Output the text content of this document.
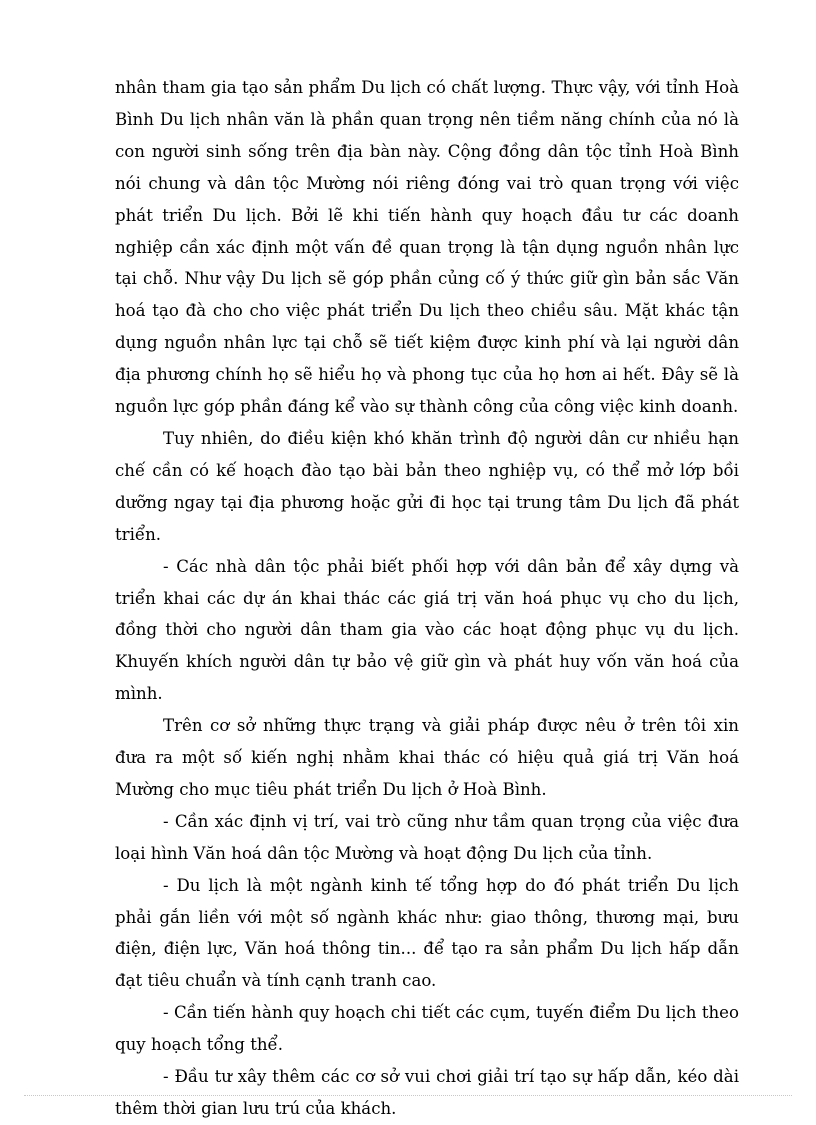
nhân tham gia tạo sản phẩm Du lịch có chất lượng. Thực vậy, với tỉnh Hoà Bình Du lịch nhân văn là phần quan trọng nên tiềm năng chính của nó là con người sinh sống trên địa bàn này. Cộng đồng dân tộc tỉnh Hoà Bình nói chung và dân tộc Mường nói riêng đóng vai trò quan trọng với việc phát triển Du lịch. Bởi lẽ khi tiến hành quy hoạch đầu tư các doanh nghiệp cần xác định một vấn đề quan trọng là tận dụng nguồn nhân lực tại chỗ. Như vậy Du lịch sẽ góp phần củng cố ý thức giữ gìn bản sắc Văn hoá tạo đà cho cho việc phát triển Du lịch theo chiều sâu. Mặt khác tận dụng nguồn nhân lực tại chỗ sẽ tiết kiệm được kinh phí và lại người dân địa phương chính họ sẽ hiểu họ và phong tục của họ hơn ai hết. Đây sẽ là nguồn lực góp phần đáng kể vào sự thành công của công việc kinh doanh.

Tuy nhiên, do điều kiện khó khăn trình độ người dân cư nhiều hạn chế cần có kế hoạch đào tạo bài bản theo nghiệp vụ, có thể mở lớp bồi dưỡng ngay tại địa phương hoặc gửi đi học tại trung tâm Du lịch đã phát triển.

- Các nhà dân tộc phải biết phối hợp với dân bản để xây dựng và triển khai các dự án khai thác các giá trị văn hoá phục vụ cho du lịch, đồng thời cho người dân tham gia vào các hoạt động phục vụ du lịch. Khuyến khích người dân tự bảo vệ giữ gìn và phát huy vốn văn hoá của mình.

Trên cơ sở những thực trạng và giải pháp được nêu ở trên tôi xin đưa ra một số kiến nghị nhằm khai thác có hiệu quả giá trị Văn hoá Mường cho mục tiêu phát triển Du lịch ở Hoà Bình.

- Cần xác định vị trí, vai trò cũng như tầm quan trọng của việc đưa loại hình Văn hoá dân tộc Mường và hoạt động Du lịch của tỉnh.

- Du lịch là một ngành kinh tế tổng hợp do đó phát triển Du lịch phải gắn liền với một số ngành khác như: giao thông, thương mại, bưu điện, điện lực, Văn hoá thông tin... để tạo ra sản phẩm Du lịch hấp dẫn đạt tiêu chuẩn và tính cạnh tranh cao.

- Cần tiến hành quy hoạch chi tiết các cụm, tuyến điểm Du lịch theo quy hoạch tổng thể.

- Đầu tư xây thêm các cơ sở vui chơi giải trí tạo sự hấp dẫn, kéo dài thêm thời gian lưu trú của khách.
